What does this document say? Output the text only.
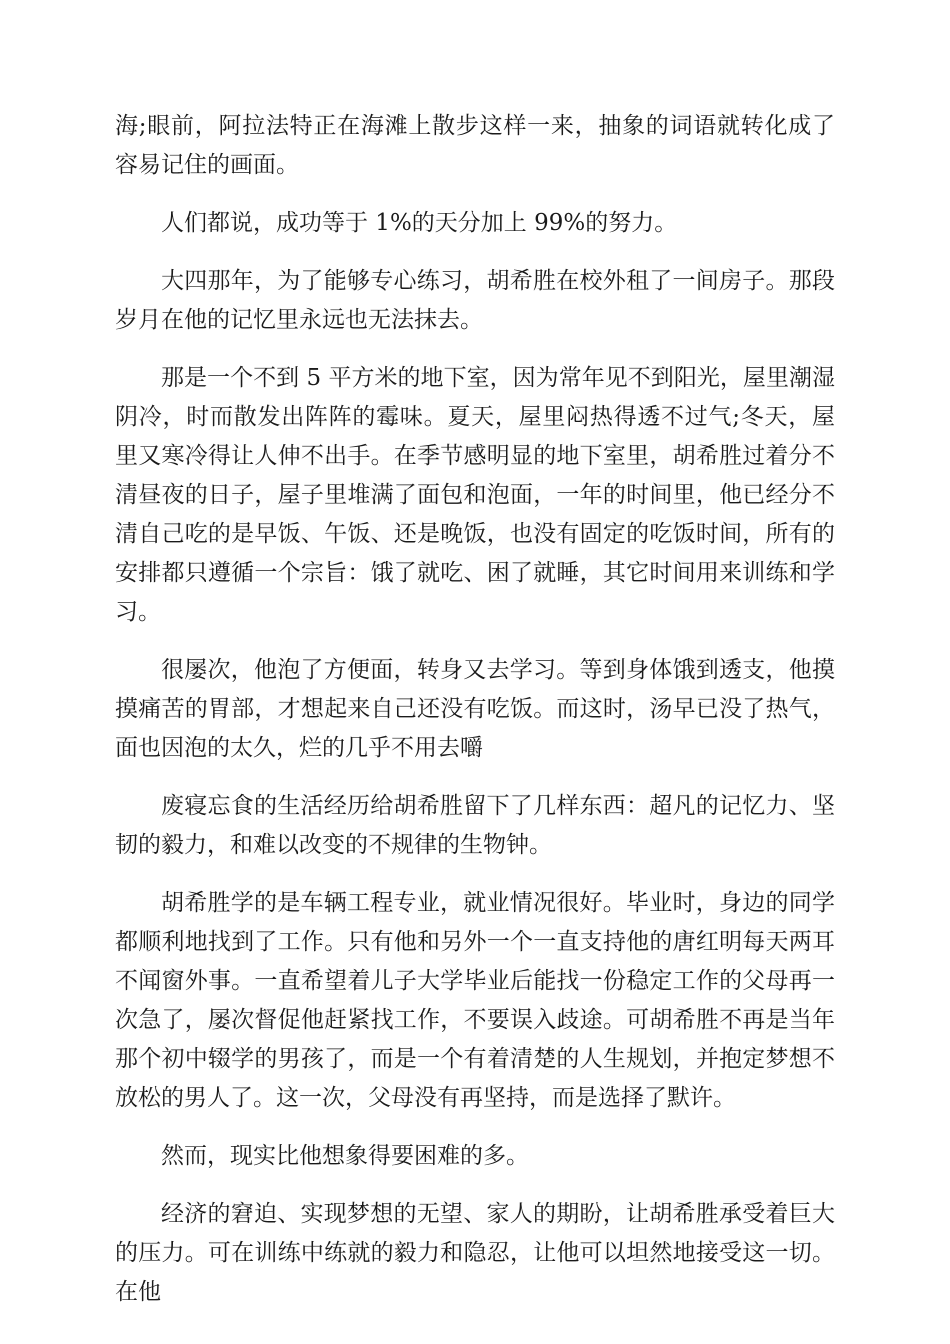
海;眼前，阿拉法特正在海滩上散步这样一来，抽象的词语就转化成了容易记住的画面。

人们都说，成功等于 1%的天分加上 99%的努力。

大四那年，为了能够专心练习，胡希胜在校外租了一间房子。那段岁月在他的记忆里永远也无法抹去。

那是一个不到 5 平方米的地下室，因为常年见不到阳光，屋里潮湿阴冷，时而散发出阵阵的霉味。夏天，屋里闷热得透不过气;冬天，屋里又寒冷得让人伸不出手。在季节感明显的地下室里，胡希胜过着分不清昼夜的日子，屋子里堆满了面包和泡面，一年的时间里，他已经分不清自己吃的是早饭、午饭、还是晚饭，也没有固定的吃饭时间，所有的安排都只遵循一个宗旨：饿了就吃、困了就睡，其它时间用来训练和学习。

很屡次，他泡了方便面，转身又去学习。等到身体饿到透支，他摸摸痛苦的胃部，才想起来自己还没有吃饭。而这时，汤早已没了热气，面也因泡的太久，烂的几乎不用去嚼

废寝忘食的生活经历给胡希胜留下了几样东西：超凡的记忆力、坚韧的毅力，和难以改变的不规律的生物钟。

胡希胜学的是车辆工程专业，就业情况很好。毕业时，身边的同学都顺利地找到了工作。只有他和另外一个一直支持他的唐红明每天两耳不闻窗外事。一直希望着儿子大学毕业后能找一份稳定工作的父母再一次急了，屡次督促他赶紧找工作，不要误入歧途。可胡希胜不再是当年那个初中辍学的男孩了，而是一个有着清楚的人生规划，并抱定梦想不放松的男人了。这一次，父母没有再坚持，而是选择了默许。

然而，现实比他想象得要困难的多。

经济的窘迫、实现梦想的无望、家人的期盼，让胡希胜承受着巨大的压力。可在训练中练就的毅力和隐忍，让他可以坦然地接受这一切。在他
